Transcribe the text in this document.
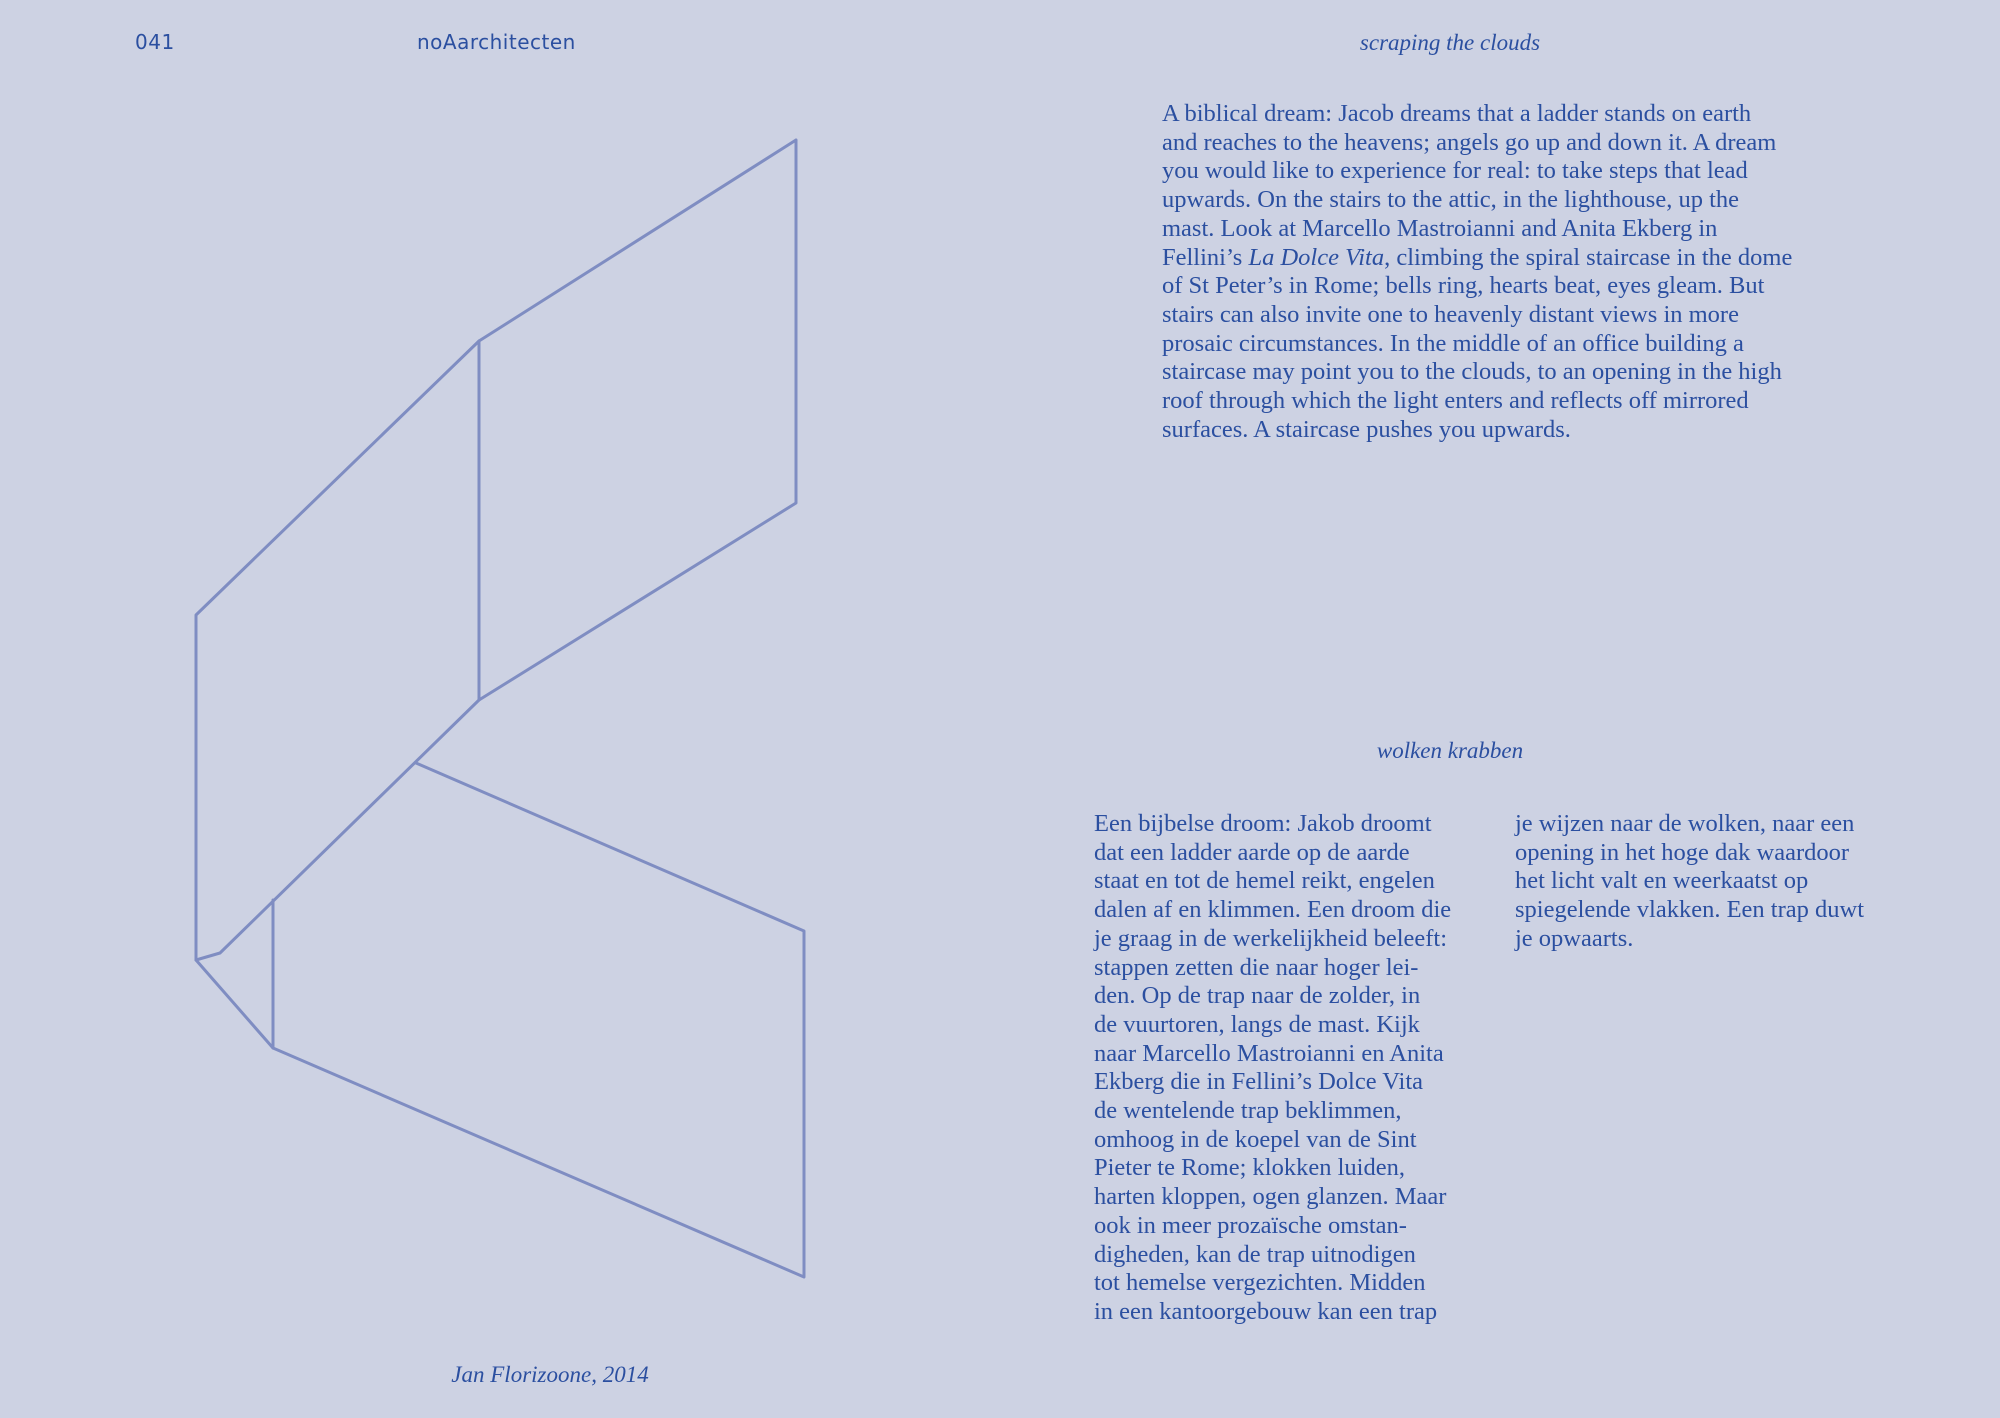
041	noAarchitecten	scraping the clouds

A biblical dream: Jacob dreams that a ladder stands on earth

and reaches to the heavens; angels go up and down it. A dream

you would like to experience for real: to take steps that lead

upwards. On the stairs to the attic, in the lighthouse, up the

mast. Look at Marcello Mastroianni and Anita Ekberg in

Fellini’s La Dolce Vita, climbing the spiral staircase in the dome

of St Peter’s in Rome; bells ring, hearts beat, eyes gleam. But

stairs can also invite one to heavenly distant views in more

prosaic circumstances. In the middle of an office building a

staircase may point you to the clouds, to an opening in the high

roof through which the light enters and reflects off mirrored

surfaces. A staircase pushes you upwards.

wolken krabben

Een bijbelse droom: Jakob droomt

dat een ladder aarde op de aarde

staat en tot de hemel reikt, engelen

dalen af en klimmen. Een droom die

je graag in de werkelijkheid beleeft:

stappen zetten die naar hoger lei-

den. Op de trap naar de zolder, in

de vuurtoren, langs de mast. Kijk

naar Marcello Mastroianni en Anita

Ekberg die in Fellini’s Dolce Vita

de wentelende trap beklimmen,

omhoog in de koepel van de Sint

Pieter te Rome; klokken luiden,

harten kloppen, ogen glanzen. Maar

ook in meer prozaïsche omstan-

digheden, kan de trap uitnodigen

tot hemelse vergezichten. Midden

in een kantoorgebouw kan een trap

je wijzen naar de wolken, naar een

opening in het hoge dak waardoor

het licht valt en weerkaatst op

spiegelende vlakken. Een trap duwt

je opwaarts.

Jan Florizoone, 2014
